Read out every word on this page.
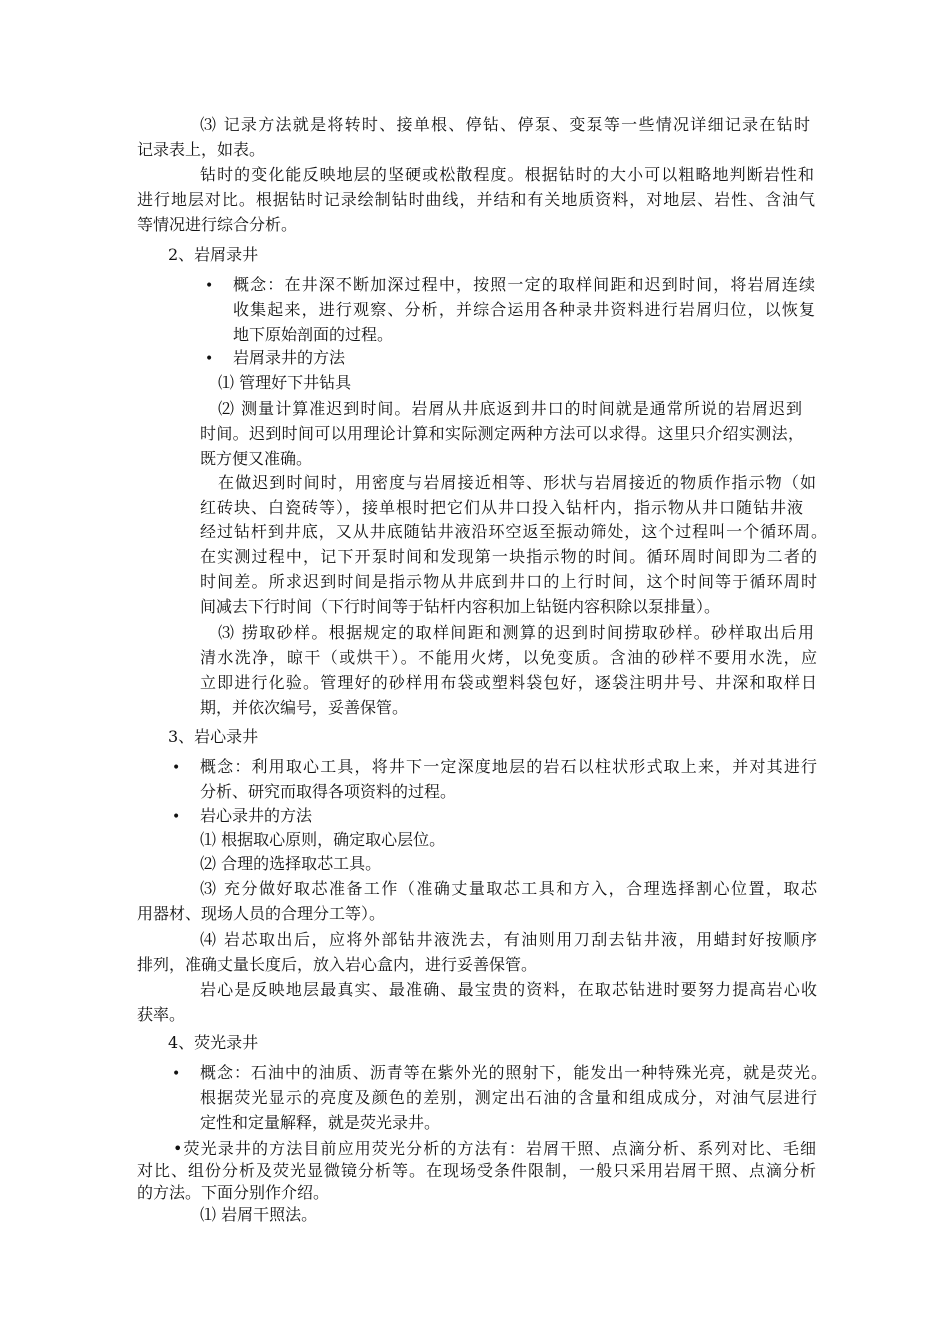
⑶ 记录方法就是将转时、接单根、停钻、停泵、变泵等一些情况详细记录在钻时
记录表上，如表。
钻时的变化能反映地层的坚硬或松散程度。根据钻时的大小可以粗略地判断岩性和
进行地层对比。根据钻时记录绘制钻时曲线，并结和有关地质资料，对地层、岩性、含油气
等情况进行综合分析。
2、岩屑录井
• 概念：在井深不断加深过程中，按照一定的取样间距和迟到时间，将岩屑连续
收集起来，进行观察、分析，并综合运用各种录井资料进行岩屑归位，以恢复
地下原始剖面的过程。
• 岩屑录井的方法
⑴ 管理好下井钻具
⑵ 测量计算准迟到时间。岩屑从井底返到井口的时间就是通常所说的岩屑迟到
时间。迟到时间可以用理论计算和实际测定两种方法可以求得。这里只介绍实测法，
既方便又准确。
在做迟到时间时，用密度与岩屑接近相等、形状与岩屑接近的物质作指示物（如
红砖块、白瓷砖等），接单根时把它们从井口投入钻杆内，指示物从井口随钻井液
经过钻杆到井底，又从井底随钻井液沿环空返至振动筛处，这个过程叫一个循环周。
在实测过程中，记下开泵时间和发现第一块指示物的时间。循环周时间即为二者的
时间差。所求迟到时间是指示物从井底到井口的上行时间，这个时间等于循环周时
间减去下行时间（下行时间等于钻杆内容积加上钻铤内容积除以泵排量）。
⑶ 捞取砂样。根据规定的取样间距和测算的迟到时间捞取砂样。砂样取出后用
清水洗净，晾干（或烘干）。不能用火烤，以免变质。含油的砂样不要用水洗，应
立即进行化验。管理好的砂样用布袋或塑料袋包好，逐袋注明井号、井深和取样日
期，并依次编号，妥善保管。
3、岩心录井
• 概念：利用取心工具，将井下一定深度地层的岩石以柱状形式取上来，并对其进行
分析、研究而取得各项资料的过程。
• 岩心录井的方法
⑴ 根据取心原则，确定取心层位。
⑵ 合理的选择取芯工具。
⑶ 充分做好取芯准备工作（准确丈量取芯工具和方入，合理选择割心位置，取芯
用器材、现场人员的合理分工等）。
⑷ 岩芯取出后，应将外部钻井液洗去，有油则用刀刮去钻井液，用蜡封好按顺序
排列，准确丈量长度后，放入岩心盒内，进行妥善保管。
岩心是反映地层最真实、最准确、最宝贵的资料，在取芯钻进时要努力提高岩心收
获率。
4、荧光录井
• 概念：石油中的油质、沥青等在紫外光的照射下，能发出一种特殊光亮，就是荧光。
根据荧光显示的亮度及颜色的差别，测定出石油的含量和组成成分，对油气层进行
定性和定量解释，就是荧光录井。
•荧光录井的方法目前应用荧光分析的方法有：岩屑干照、点滴分析、系列对比、毛细
对比、组份分析及荧光显微镜分析等。在现场受条件限制，一般只采用岩屑干照、点滴分析
的方法。下面分别作介绍。
⑴ 岩屑干照法。
